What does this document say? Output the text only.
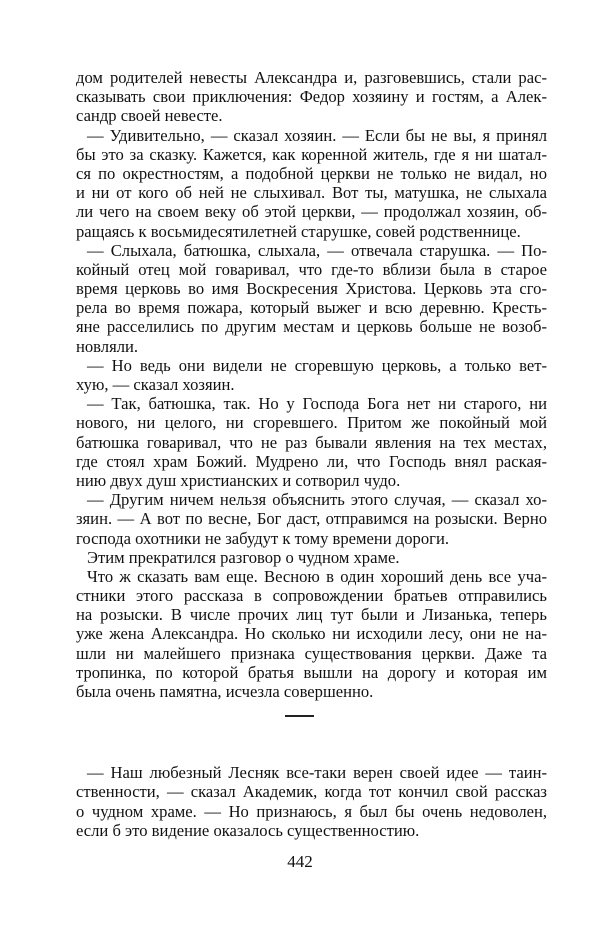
дом родителей невесты Александра и, разговевшись, стали рас-
сказывать свои приключения: Федор хозяину и гостям, а Алек-
сандр своей невесте.
— Удивительно, — сказал хозяин. — Если бы не вы, я принял
бы это за сказку. Кажется, как коренной житель, где я ни шатал-
ся по окрестностям, а подобной церкви не только не видал, но
и ни от кого об ней не слыхивал. Вот ты, матушка, не слыхала
ли чего на своем веку об этой церкви, — продолжал хозяин, об-
ращаясь к восьмидесятилетней старушке, совей родственнице.
— Слыхала, батюшка, слыхала, — отвечала старушка. — По-
койный отец мой говаривал, что где-то вблизи была в старое
время церковь во имя Воскресения Христова. Церковь эта сго-
рела во время пожара, который выжег и всю деревню. Кресть-
яне расселились по другим местам и церковь больше не возоб-
новляли.
— Но ведь они видели не сгоревшую церковь, а только вет-
хую, — сказал хозяин.
— Так, батюшка, так. Но у Господа Бога нет ни старого, ни
нового, ни целого, ни сгоревшего. Притом же покойный мой
батюшка говаривал, что не раз бывали явления на тех местах,
где стоял храм Божий. Мудрено ли, что Господь внял раская-
нию двух душ христианских и сотворил чудо.
— Другим ничем нельзя объяснить этого случая, — сказал хо-
зяин. — А вот по весне, Бог даст, отправимся на розыски. Верно
господа охотники не забудут к тому времени дороги.
Этим прекратился разговор о чудном храме.
Что ж сказать вам еще. Весною в один хороший день все уча-
стники этого рассказа в сопровождении братьев отправились
на розыски. В числе прочих лиц тут были и Лизанька, теперь
уже жена Александра. Но сколько ни исходили лесу, они не на-
шли ни малейшего признака существования церкви. Даже та
тропинка, по которой братья вышли на дорогу и которая им
была очень памятна, исчезла совершенно.
— Наш любезный Лесняк все-таки верен своей идее — таин-
ственности, — сказал Академик, когда тот кончил свой рассказ
о чудном храме. — Но признаюсь, я был бы очень недоволен,
если б это видение оказалось существенностию.
442
